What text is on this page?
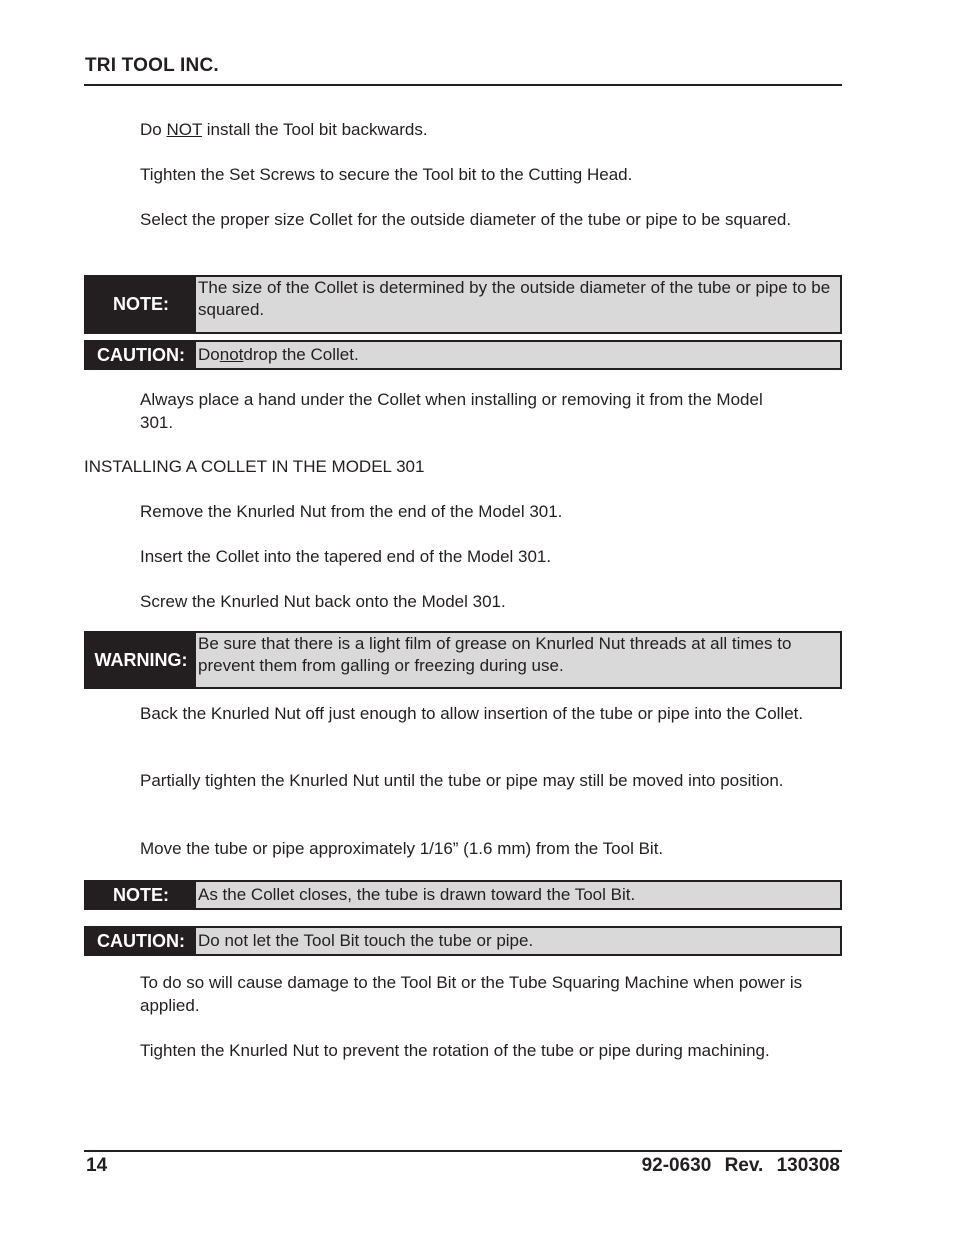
TRI TOOL INC.
Do NOT install the Tool bit backwards.
Tighten the Set Screws to secure the Tool bit to the Cutting Head.
Select the proper size Collet for the outside diameter of the tube or pipe to be squared.
NOTE:
The size of the Collet is determined by the outside diameter of the tube or pipe to be squared.
CAUTION: Do not drop the Collet.
Always place a hand under the Collet when installing or removing it from the Model 301.
INSTALLING A COLLET IN THE MODEL 301
Remove the Knurled Nut from the end of the Model 301.
Insert the Collet into the tapered end of the Model 301.
Screw the Knurled Nut back onto the Model 301.
WARNING:
Be sure that there is a light film of grease on Knurled Nut threads at all times to prevent them from galling or freezing during use.
Back the Knurled Nut off just enough to allow insertion of the tube or pipe into the Collet.
Partially tighten the Knurled Nut until the tube or pipe may still be moved into position.
Move the tube or pipe approximately 1/16” (1.6 mm) from the Tool Bit.
NOTE:	As the Collet closes, the tube is drawn toward the Tool Bit.
CAUTION: Do not let the Tool Bit touch the tube or pipe.
To do so will cause damage to the Tool Bit or the Tube Squaring Machine when power is applied.
Tighten the Knurled Nut to prevent the rotation of the tube or pipe during machining.
14	92-0630 Rev. 130308
